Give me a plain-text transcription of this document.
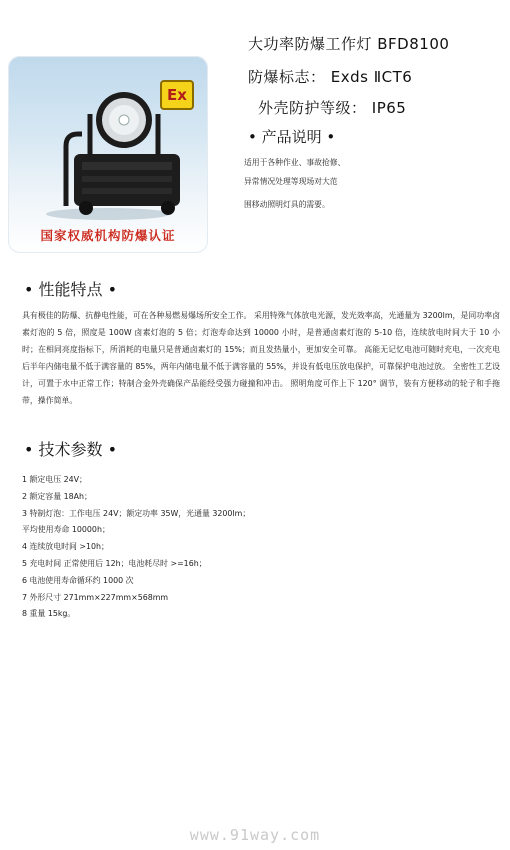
Ex
国家权威机构防爆认证
大功率防爆工作灯 BFD8100
防爆标志： Exds ⅡCT6
外壳防护等级： IP65
• 产品说明 •
适用于各种作业、事故抢修、
异常情况处理等现场对大范
围移动照明灯具的需要。
• 性能特点 •
具有极佳的防爆、抗静电性能，可在各种易燃易爆场所安全工作。 采用特殊气体放电光源，发光效率高，光通量为 3200lm，是同功率卤素灯泡的 5 倍，照度是 100W 卤素灯泡的 5 倍；灯泡寿命达到 10000 小时，是普通卤素灯泡的 5-10 倍，连续放电时间大于 10 小时；在相同亮度指标下，所消耗的电量只是普通卤素灯的 15%；而且发热量小，更加安全可靠。 高能无记忆电池可随时充电，一次充电后半年内储电量不低于满容量的 85%，两年内储电量不低于满容量的 55%，并设有低电压放电保护，可靠保护电池过放。 全密性工艺设计，可置于水中正常工作；特制合金外壳确保产品能经受强力碰撞和冲击。 照明角度可作上下 120° 调节，装有方便移动的轮子和手拖带，操作简单。
• 技术参数 •
1 额定电压 24V；
2 额定容量 18Ah；
3 特制灯泡：工作电压 24V；额定功率 35W，光通量 3200lm；
平均使用寿命 10000h；
4 连续放电时间 >10h；
5 充电时间 正常使用后 12h；电池耗尽时 >=16h；
6 电池使用寿命循环约 1000 次
7 外形尺寸 271mm×227mm×568mm
8 重量 15kg。
www.91way.com
